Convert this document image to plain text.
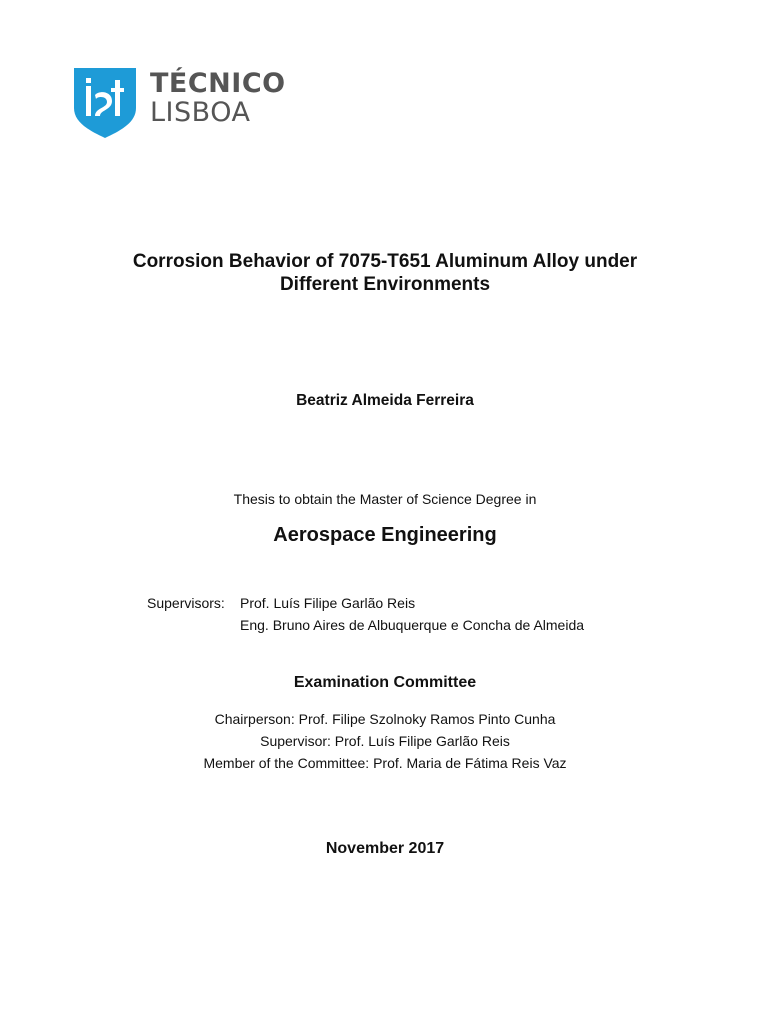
TÉCNICO
LISBOA
Corrosion Behavior of 7075-T651 Aluminum Alloy under
Different Environments
Beatriz Almeida Ferreira
Thesis to obtain the Master of Science Degree in
Aerospace Engineering
Supervisors:	Prof. Luís Filipe Garlão Reis
Eng. Bruno Aires de Albuquerque e Concha de Almeida
Examination Committee
Chairperson: Prof. Filipe Szolnoky Ramos Pinto Cunha
Supervisor: Prof. Luís Filipe Garlão Reis
Member of the Committee: Prof. Maria de Fátima Reis Vaz
November 2017
